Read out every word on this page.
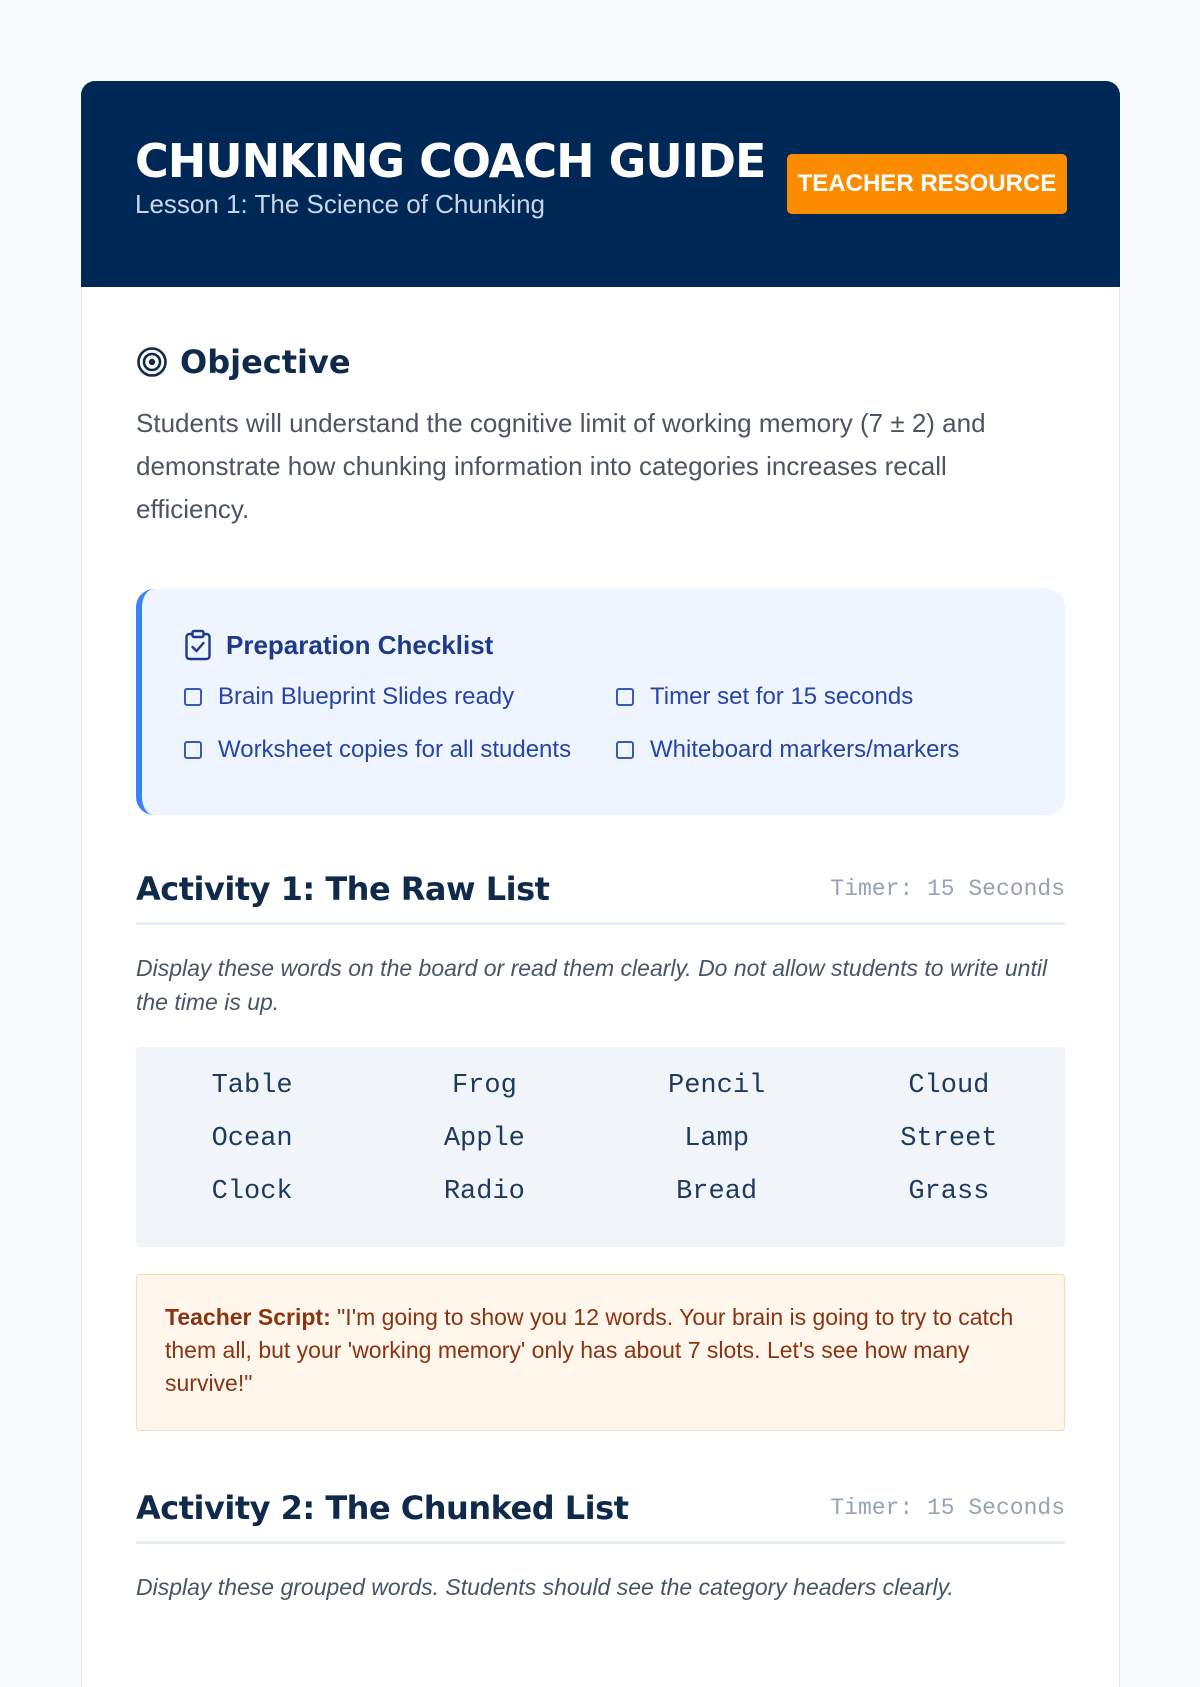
CHUNKING COACH GUIDE
Lesson 1: The Science of Chunking
TEACHER RESOURCE
Objective
Students will understand the cognitive limit of working memory (7 ± 2) and demonstrate how chunking information into categories increases recall efficiency.
Preparation Checklist
Brain Blueprint Slides ready	Timer set for 15 seconds
Worksheet copies for all students	Whiteboard markers/markers
Activity 1: The Raw List	Timer: 15 Seconds
Display these words on the board or read them clearly. Do not allow students to write until the time is up.
Table	Frog	Pencil	Cloud
Ocean	Apple	Lamp	Street
Clock	Radio	Bread	Grass
Teacher Script: "I'm going to show you 12 words. Your brain is going to try to catch them all, but your 'working memory' only has about 7 slots. Let's see how many survive!"
Activity 2: The Chunked List	Timer: 15 Seconds
Display these grouped words. Students should see the category headers clearly.
